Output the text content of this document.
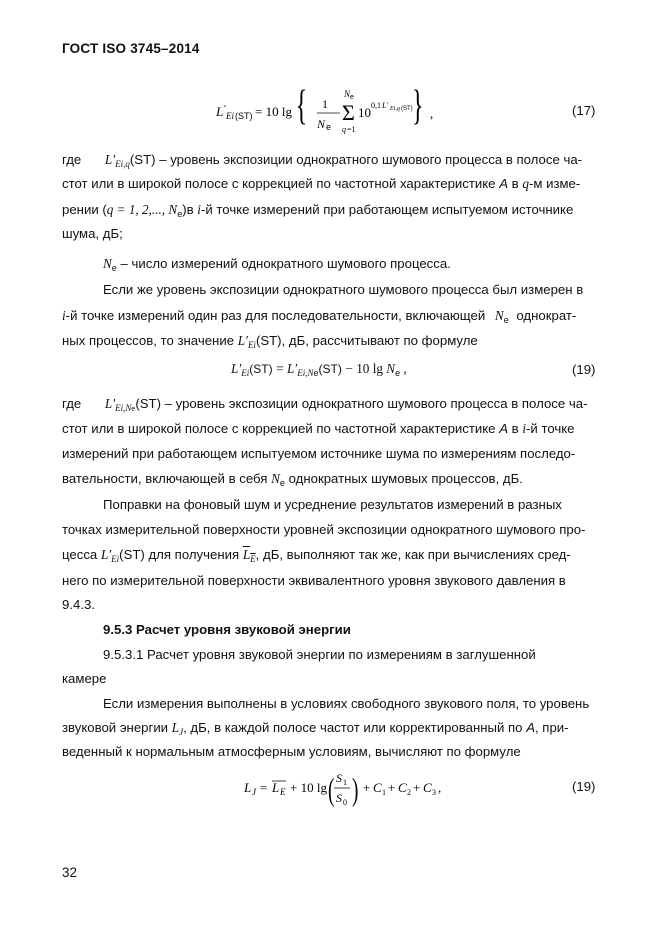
ГОСТ ISO 3745–2014
L ′
Ei (ST) = 10 lg { 1
N e
N e
Σ
q =1
10 0,1 L′ Ei,q (ST) } ,	(17)
где $L'_{Ei,q}(ST)$ – уровень экспозиции однократного шумового процесса в полосе ча-
стот или в широкой полосе с коррекцией по частотной характеристике A в q-м изме-
рении (q = 1, 2,..., $N_e)в$ i-й точке измерений при работающем испытуемом источнике
шума, дБ;
$N_e$ – число измерений однократного шумового процесса.
Если же уровень экспозиции однократного шумового процесса был измерен в
i-й точке измерений один раз для последовательности, включающей $N_e$ однократ-
ных процессов, то значение $L'_{Ei}(ST)$, дБ, рассчитывают по формуле
$L'_{Ei}(ST) = L'_{Ei,Ne}(ST) - 10$ $\lg N_e$ ,	(19)
где $L'_{Ei,Ne}(ST)$ – уровень экспозиции однократного шумового процесса в полосе ча-
стот или в широкой полосе с коррекцией по частотной характеристике A в i-й точке
измерений при работающем испытуемом источнике шума по измерениям последо-
вательности, включающей в себя $N_e$ однократных шумовых процессов, дБ.
Поправки на фоновый шум и усреднение результатов измерений в разных
точках измерительной поверхности уровней экспозиции однократного шумового про-
цесса $L'_{Ei}(ST)$ для получения $L_E$, дБ, выполняют так же, как при вычислениях сред-
него по измерительной поверхности эквивалентного уровня звукового давления в
9.4.3.
9.5.3 Расчет уровня звуковой энергии
9.5.3.1 Расчет уровня звуковой энергии по измерениям в заглушенной
камере
Если измерения выполнены в условиях свободного звукового поля, то уровень
звуковой энергии $L_J$, дБ, в каждой полосе частот или корректированный по A, при-
веденный к нормальным атмосферным условиям, вычисляют по формуле
L J = L E + 10 lg ( S 1
S 0 ) + C 1 + C 2 + C 3 ,	(19)
32
